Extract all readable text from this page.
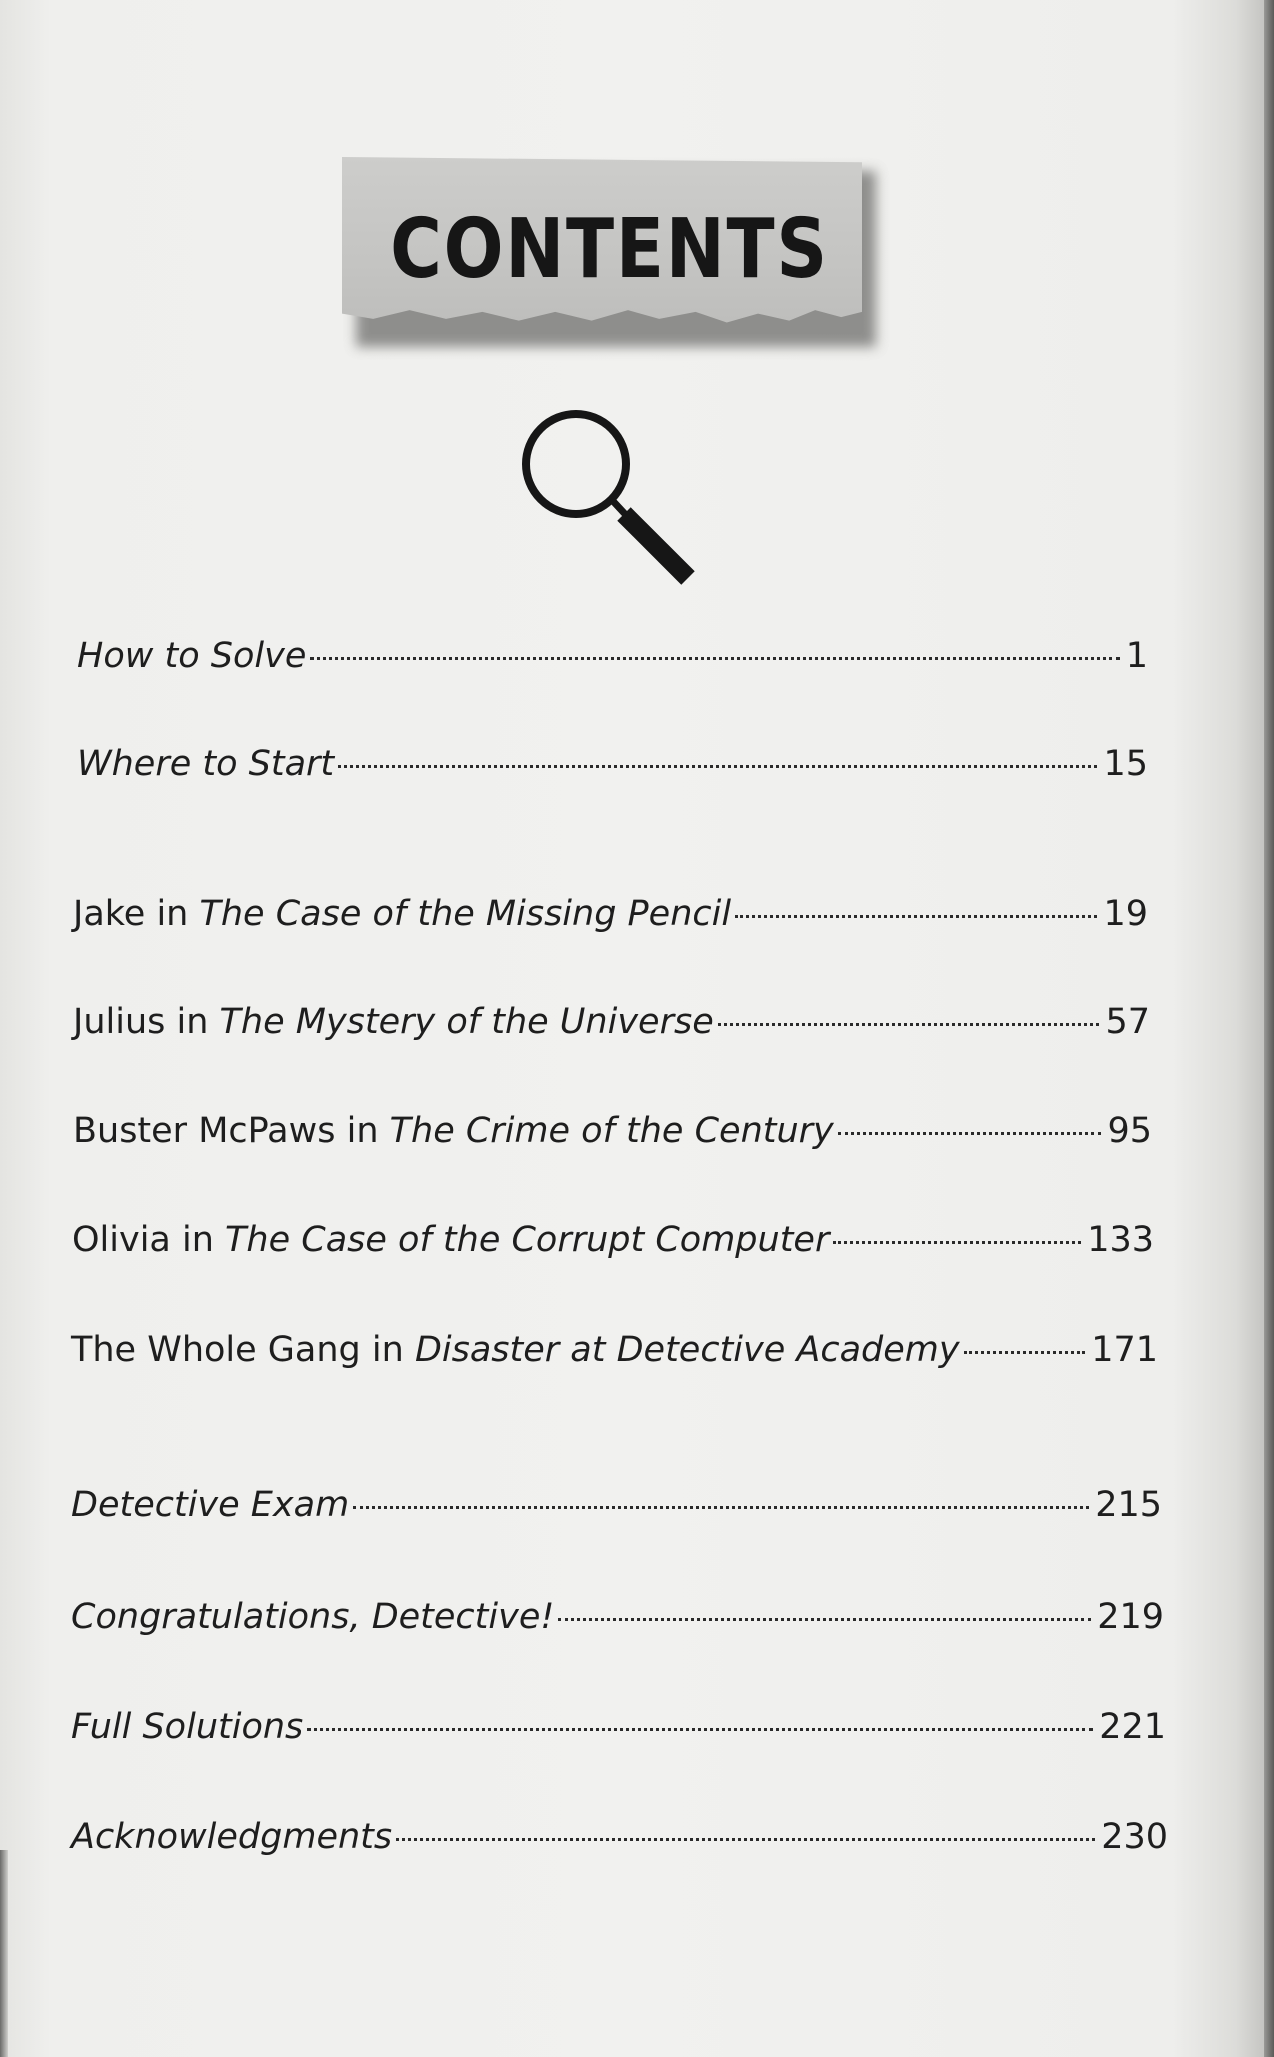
CONTENTS
How to Solve	1
Where to Start	15
Jake in The Case of the Missing Pencil	19
Julius in The Mystery of the Universe	57
Buster McPaws in The Crime of the Century	95
Olivia in The Case of the Corrupt Computer	133
The Whole Gang in Disaster at Detective Academy	171
Detective Exam	215
Congratulations, Detective!	219
Full Solutions	221
Acknowledgments	230
